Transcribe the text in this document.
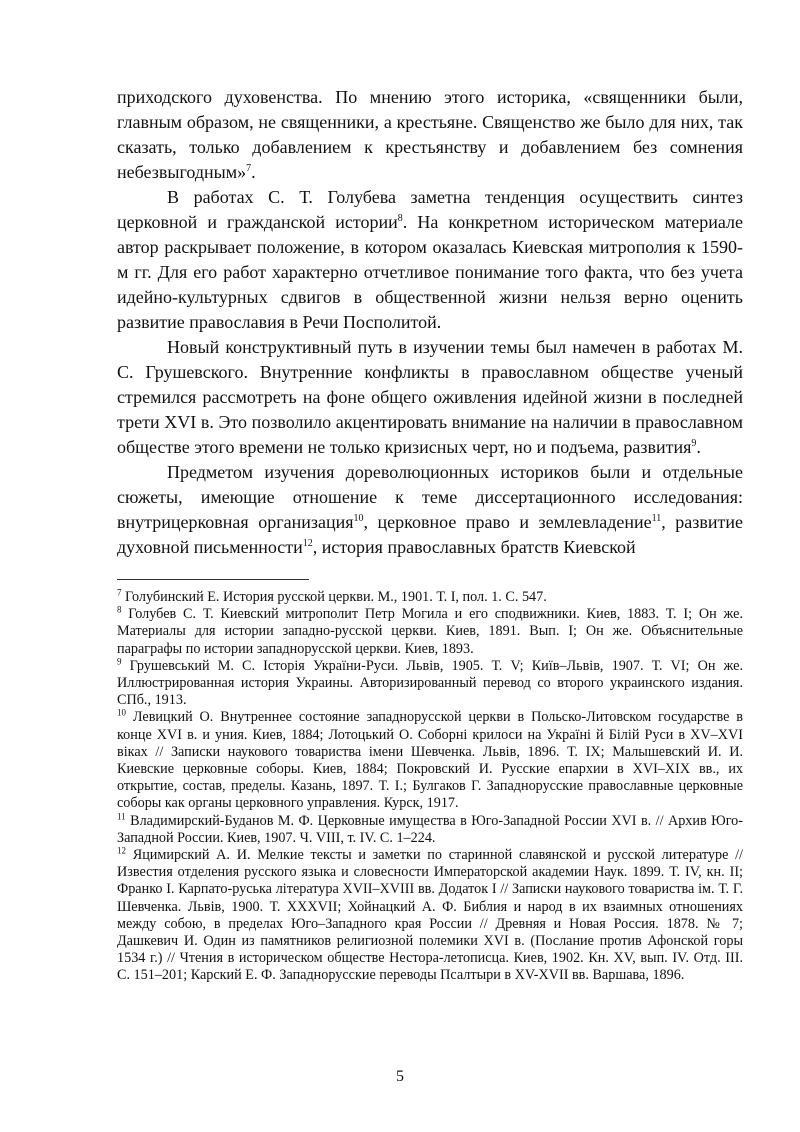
приходского духовенства. По мнению этого историка, «священники были, главным образом, не священники, а крестьяне. Священство же было для них, так сказать, только добавлением к крестьянству и добавлением без сомнения небезвыгодным»$^7$.

В работах С. Т. Голубева заметна тенденция осуществить синтез церковной и гражданской истории$^8$. На конкретном историческом материале автор раскрывает положение, в котором оказалась Киевская митрополия к 1590-м гг. Для его работ характерно отчетливое понимание того факта, что без учета идейно-культурных сдвигов в общественной жизни нельзя верно оценить развитие православия в Речи Посполитой.

Новый конструктивный путь в изучении темы был намечен в работах М. С. Грушевского. Внутренние конфликты в православном обществе ученый стремился рассмотреть на фоне общего оживления идейной жизни в последней трети XVI в. Это позволило акцентировать внимание на наличии в православном обществе этого времени не только кризисных черт, но и подъема, развития$^9$.

Предметом изучения дореволюционных историков были и отдельные сюжеты, имеющие отношение к теме диссертационного исследования: внутрицерковная организация$^{10}$, церковное право и землевладение$^{11}$, развитие духовной письменности$^{12}$, история православных братств Киевской

$^7$ Голубинский Е. История русской церкви. М., 1901. Т. I, пол. 1. С. 547.

$^8$ Голубев С. Т. Киевский митрополит Петр Могила и его сподвижники. Киев, 1883. Т. I; Он же. Материалы для истории западно-русской церкви. Киев, 1891. Вып. I; Он же. Объяснительные параграфы по истории западнорусской церкви. Киев, 1893.

$^9$ Грушевський М. С. Історія України-Руси. Львів, 1905. Т. V; Київ–Львів, 1907. Т. VI; Он же. Иллюстрированная история Украины. Авторизированный перевод со второго украинского издания. СПб., 1913.

$^{10}$ Левицкий О. Внутреннее состояние западнорусской церкви в Польско-Литовском государстве в конце XVI в. и уния. Киев, 1884; Лотоцький О. Соборні крилоси на Україні й Білій Руси в XV–XVI віках // Записки наукового товариства імени Шевченка. Львів, 1896. Т. IX; Малышевский И. И. Киевские церковные соборы. Киев, 1884; Покровский И. Русские епархии в XVI–XIX вв., их открытие, состав, пределы. Казань, 1897. Т. I.; Булгаков Г. Западнорусские православные церковные соборы как органы церковного управления. Курск, 1917.

$^{11}$ Владимирский-Буданов М. Ф. Церковные имущества в Юго-Западной России XVI в. // Архив Юго-Западной России. Киев, 1907. Ч. VIII, т. IV. С. 1–224.

$^{12}$ Яцимирский А. И. Мелкие тексты и заметки по старинной славянской и русской литературе // Известия отделения русского языка и словесности Императорской академии Наук. 1899. Т. IV, кн. II; Франко І. Карпато-руська література XVII–XVIII вв. Додаток I // Записки наукового товариства ім. Т. Г. Шевченка. Львів, 1900. Т. XXXVII; Хойнацкий А. Ф. Библия и народ в их взаимных отношениях между собою, в пределах Юго–Западного края России // Древняя и Новая Россия. 1878. № 7; Дашкевич И. Один из памятников религиозной полемики XVI в. (Послание против Афонской горы 1534 г.) // Чтения в историческом обществе Нестора-летописца. Киев, 1902. Кн. XV, вып. IV. Отд. III. С. 151–201; Карский Е. Ф. Западнорусские переводы Псалтыри в XV-XVII вв. Варшава, 1896.

5
